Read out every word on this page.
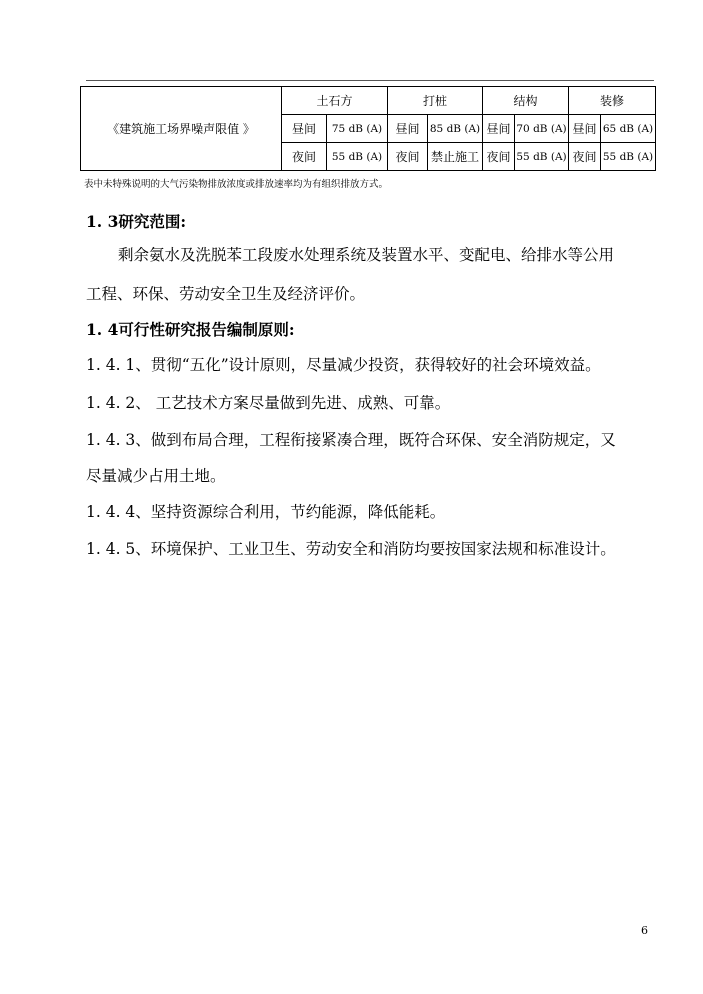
《建筑施工场界噪声限值 》	土石方		打桩		结构		装修	
	昼间	75 dB (A)	昼间	85 dB (A)	昼间	70 dB (A)	昼间	65 dB (A)
	夜间	55 dB (A)	夜间	禁止施工	夜间	55 dB (A)	夜间	55 dB (A)
表中未特殊说明的大气污染物排放浓度或排放速率均为有组织排放方式。
1. 3研究范围:
剩余氨水及洗脱苯工段废水处理系统及装置水平、变配电、给排水等公用
工程、环保、劳动安全卫生及经济评价。
1. 4可行性研究报告编制原则:
1. 4. 1、贯彻“五化”设计原则，尽量减少投资，获得较好的社会环境效益。
1. 4. 2、 工艺技术方案尽量做到先进、成熟、可靠。
1. 4. 3、做到布局合理，工程衔接紧凑合理，既符合环保、安全消防规定，又
尽量减少占用土地。
1. 4. 4、坚持资源综合利用，节约能源，降低能耗。
1. 4. 5、环境保护、工业卫生、劳动安全和消防均要按国家法规和标准设计。
6
